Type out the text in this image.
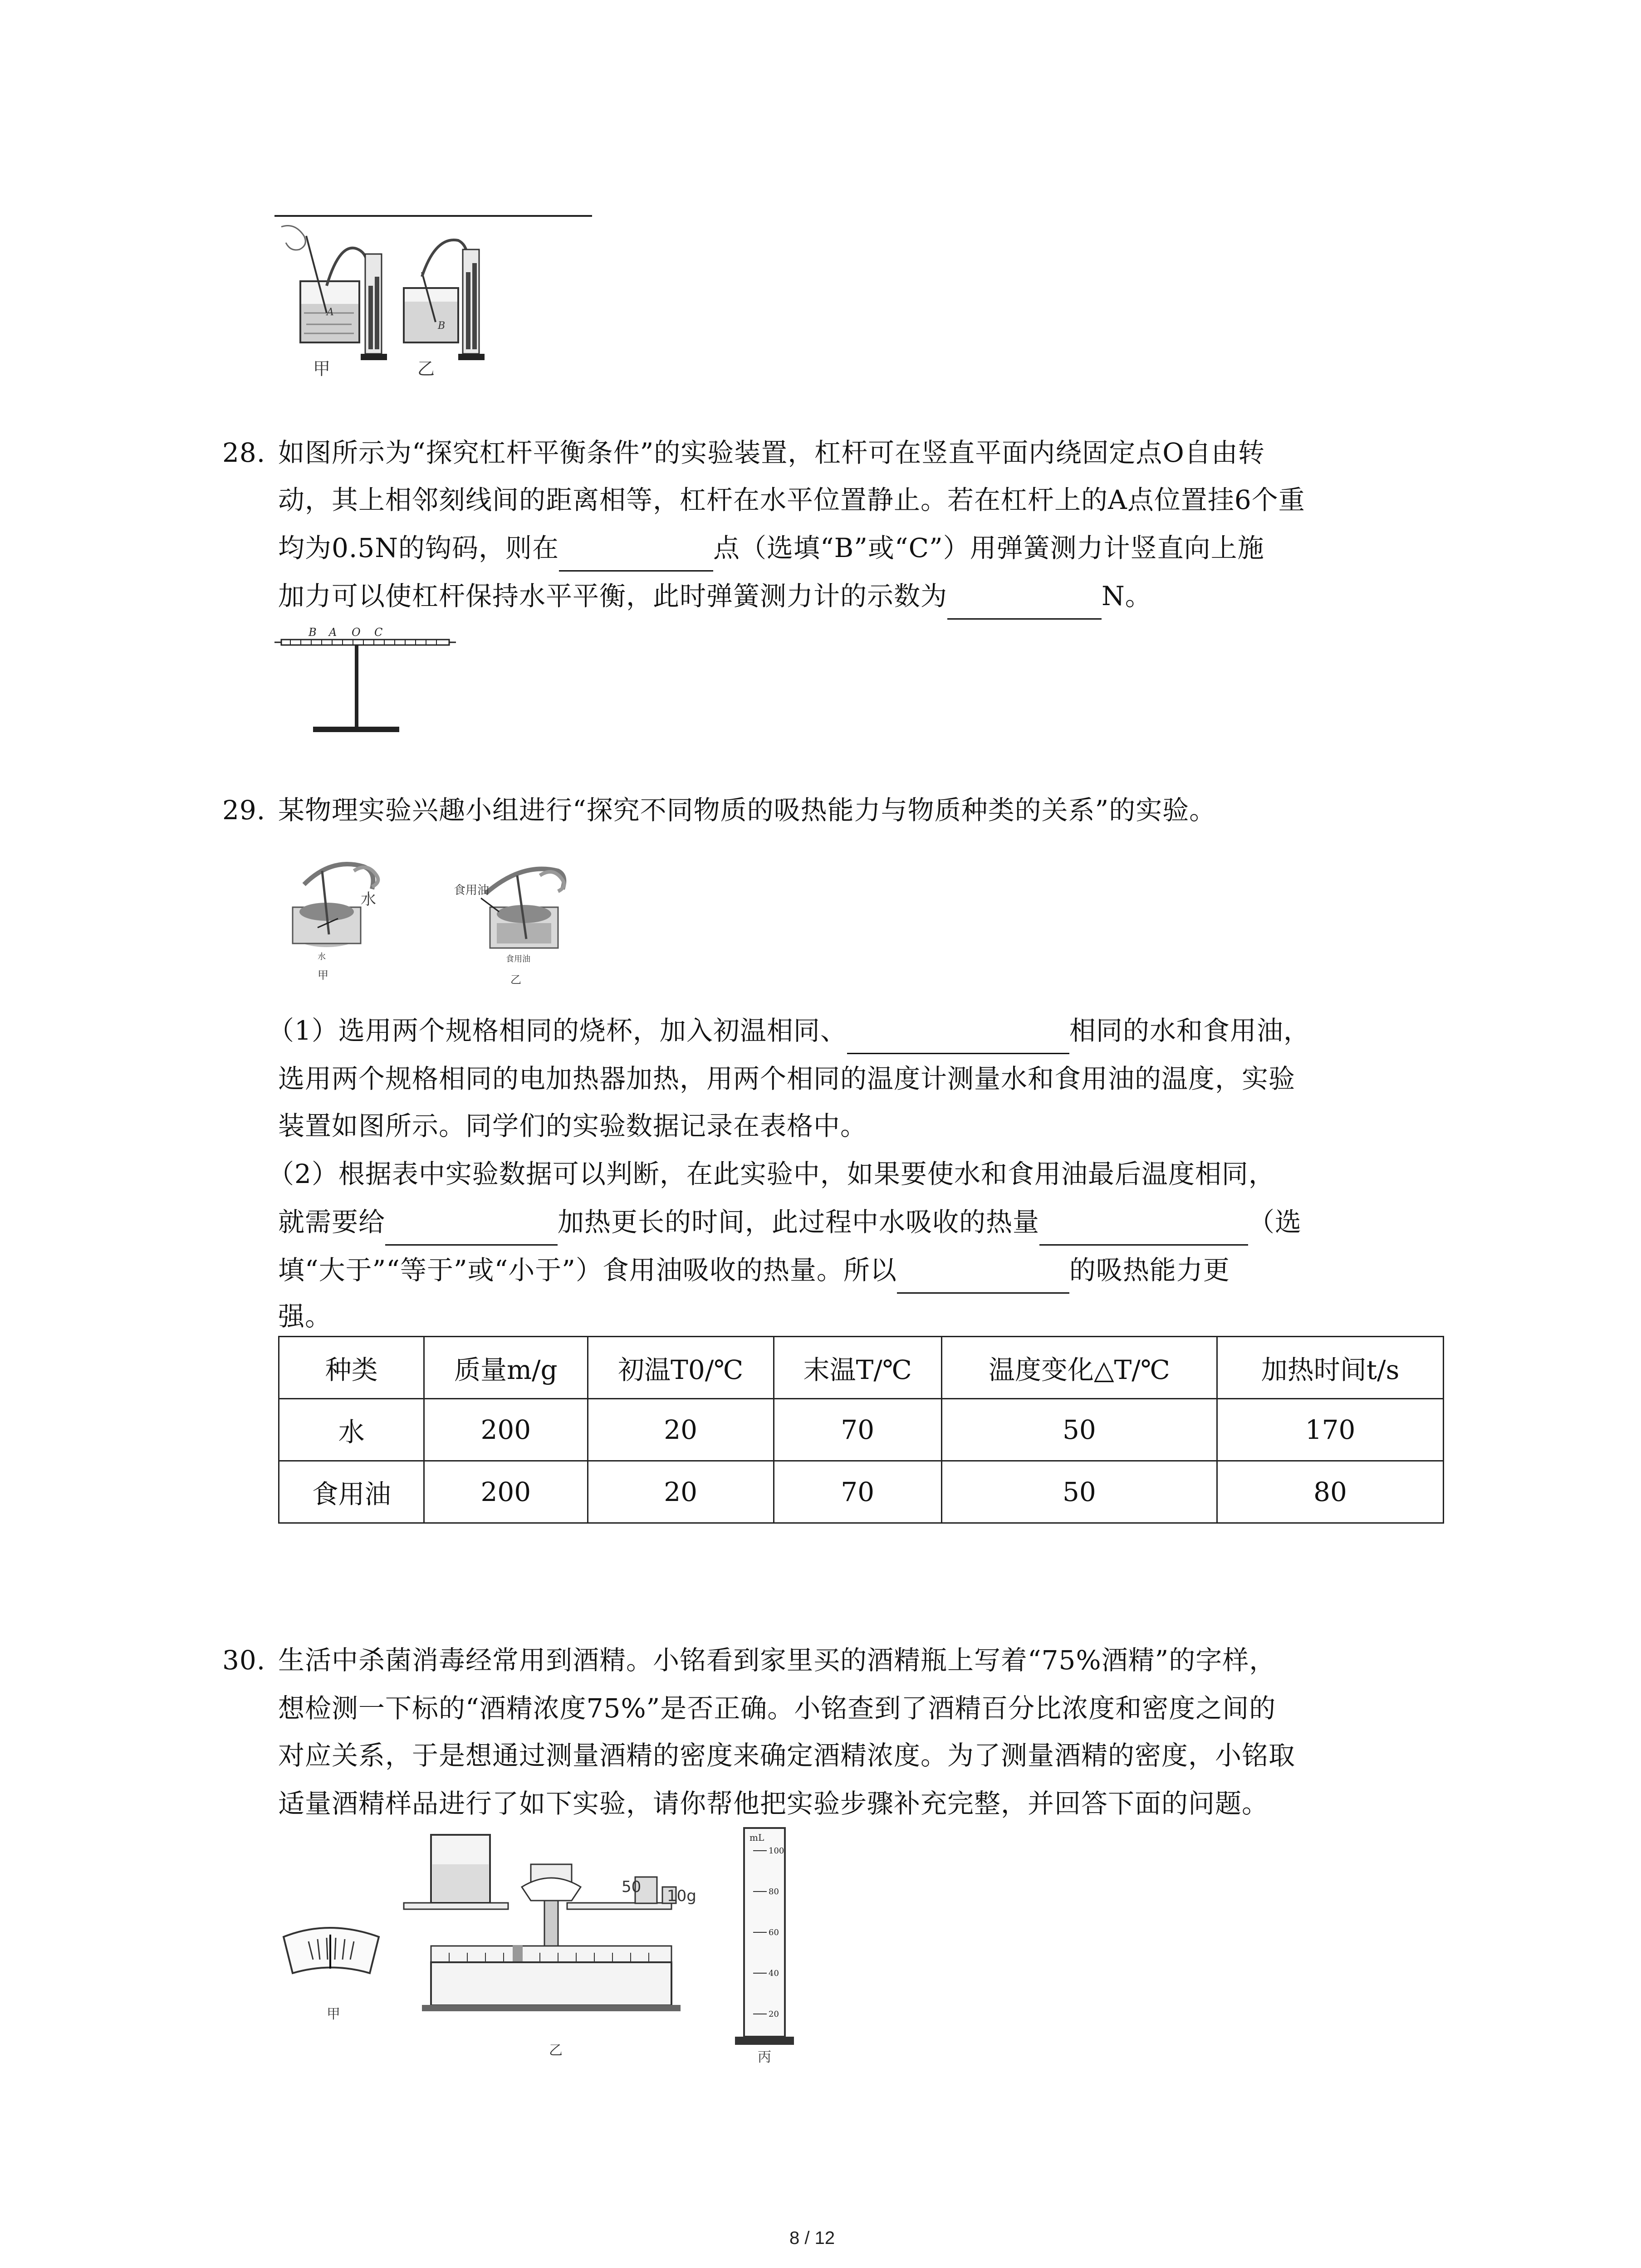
A
B
甲	乙
28. 如图所示为“探究杠杆平衡条件”的实验装置，杠杆可在竖直平面内绕固定点O自由转
动，其上相邻刻线间的距离相等，杠杆在水平位置静止。若在杠杆上的A点位置挂6个重
均为0.5N的钩码，则在	点（选填“B”或“C”）用弹簧测力计竖直向上施
加力可以使杠杆保持水平平衡，此时弹簧测力计的示数为	N。
B A O C
29. 某物理实验兴趣小组进行“探究不同物质的吸热能力与物质种类的关系”的实验。
水	食用油
水	食用油
甲	乙
（1）选用两个规格相同的烧杯，加入初温相同、	相同的水和食用油，
选用两个规格相同的电加热器加热，用两个相同的温度计测量水和食用油的温度，实验
装置如图所示。同学们的实验数据记录在表格中。
（2）根据表中实验数据可以判断，在此实验中，如果要使水和食用油最后温度相同，
就需要给	加热更长的时间，此过程中水吸收的热量	（选
填“大于”“等于”或“小于”）食用油吸收的热量。所以	的吸热能力更
强。
种类	质量m/g	初温T0/℃	末温T/℃	温度变化△T/℃	加热时间t/s
水	200	20	70	50	170
食用油	200	20	70	50	80
30. 生活中杀菌消毒经常用到酒精。小铭看到家里买的酒精瓶上写着“75%酒精”的字样，
想检测一下标的“酒精浓度75%”是否正确。小铭查到了酒精百分比浓度和密度之间的
对应关系，于是想通过测量酒精的密度来确定酒精浓度。为了测量酒精的密度，小铭取
适量酒精样品进行了如下实验，请你帮他把实验步骤补充完整，并回答下面的问题。
mL
100
80
60
40
20
50 10g
甲
乙	丙
8 / 12
